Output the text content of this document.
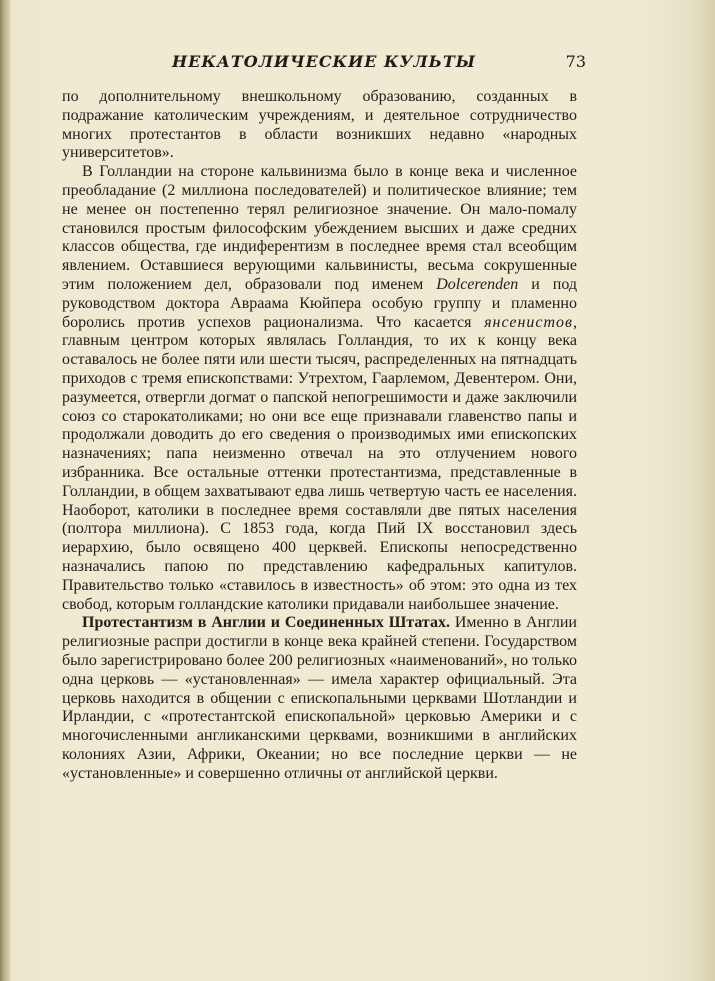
НЕКАТОЛИЧЕСКИЕ КУЛЬТЫ	73

по дополнительному внешкольному образованию, созданных в подражание католическим учреждениям, и деятельное сотрудничество многих протестантов в области возникших недавно «народных университетов».

В Голландии на стороне кальвинизма было в конце века и численное преобладание (2 миллиона последователей) и политическое влияние; тем не менее он постепенно терял религиозное значение. Он мало-помалу становился простым философским убеждением высших и даже средних классов общества, где индиферентизм в последнее время стал всеобщим явлением. Оставшиеся верующими кальвинисты, весьма сокрушенные этим положением дел, образовали под именем Dolcerenden и под руководством доктора Авраама Кюйпера особую группу и пламенно боролись против успехов рационализма. Что касается янсенистов, главным центром которых являлась Голландия, то их к концу века оставалось не более пяти или шести тысяч, распределенных на пятнадцать приходов с тремя епископствами: Утрехтом, Гаарлемом, Девентером. Они, разумеется, отвергли догмат о папской непогрешимости и даже заключили союз со старокатоликами; но они все еще признавали главенство папы и продолжали доводить до его сведения о производимых ими епископских назначениях; папа неизменно отвечал на это отлучением нового избранника. Все остальные оттенки протестантизма, представленные в Голландии, в общем захватывают едва лишь четвертую часть ее населения. Наоборот, католики в последнее время составляли две пятых населения (полтора миллиона). С 1853 года, когда Пий IX восстановил здесь иерархию, было освящено 400 церквей. Епископы непосредственно назначались папою по представлению кафедральных капитулов. Правительство только «ставилось в известность» об этом: это одна из тех свобод, которым голландские католики придавали наибольшее значение.

Протестантизм в Англии и Соединенных Штатах. Именно в Англии религиозные распри достигли в конце века крайней степени. Государством было зарегистрировано более 200 религиозных «наименований», но только одна церковь — «установленная» — имела характер официальный. Эта церковь находится в общении с епископальными церквами Шотландии и Ирландии, с «протестантской епископальной» церковью Америки и с многочисленными англиканскими церквами, возникшими в английских колониях Азии, Африки, Океании; но все последние церкви — не «установленные» и совершенно отличны от английской церкви.
